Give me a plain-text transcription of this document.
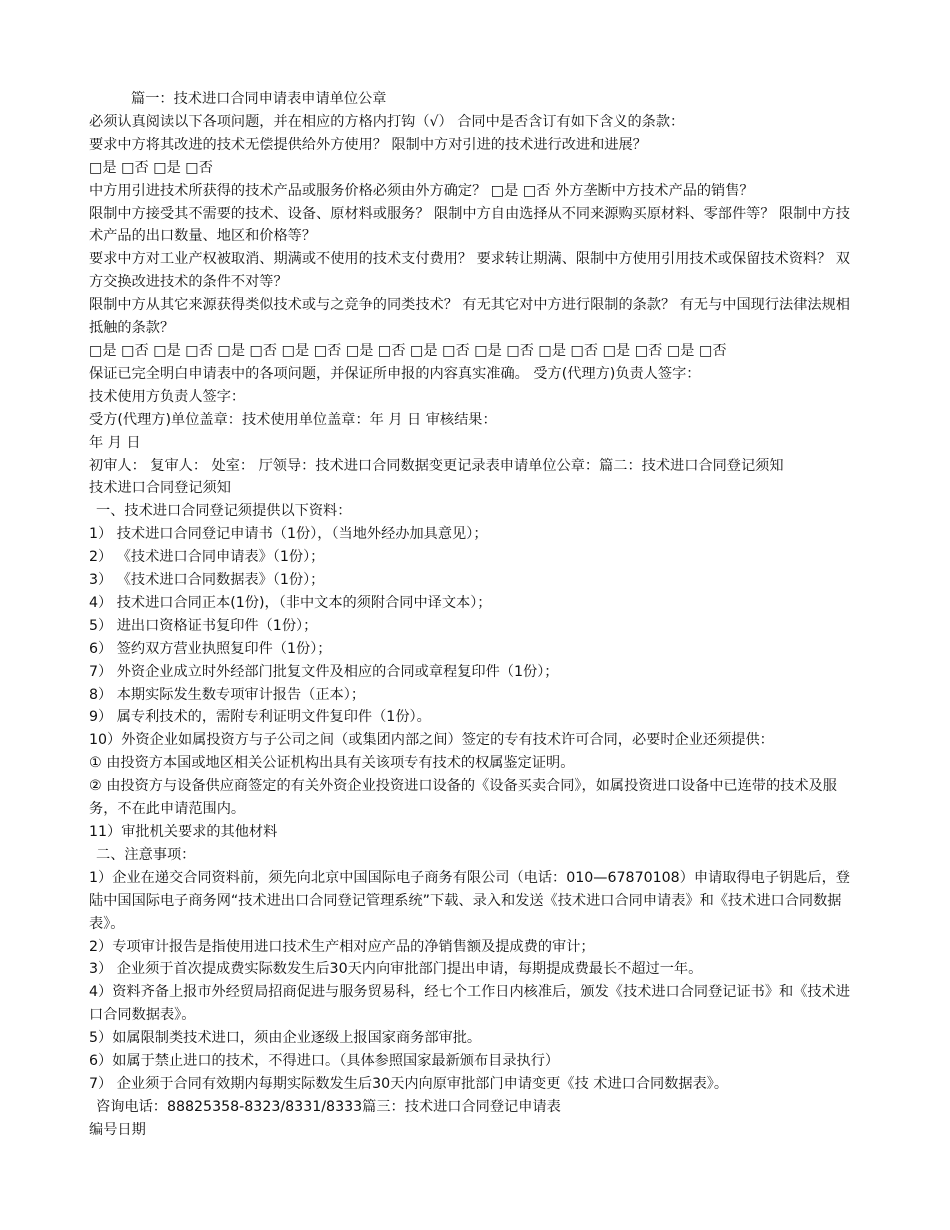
篇一：技术进口合同申请表申请单位公章

必须认真阅读以下各项问题，并在相应的方格内打钩（√） 合同中是否含订有如下含义的条款：

要求中方将其改进的技术无偿提供给外方使用？ 限制中方对引进的技术进行改进和进展？

□是 □否 □是 □否

中方用引进技术所获得的技术产品或服务价格必须由外方确定？ □是 □否 外方垄断中方技术产品的销售？

限制中方接受其不需要的技术、设备、原材料或服务？ 限制中方自由选择从不同来源购买原材料、零部件等？ 限制中方技术产品的出口数量、地区和价格等？

要求中方对工业产权被取消、期满或不使用的技术支付费用？ 要求转让期满、限制中方使用引用技术或保留技术资料？ 双方交换改进技术的条件不对等？

限制中方从其它来源获得类似技术或与之竞争的同类技术？ 有无其它对中方进行限制的条款？ 有无与中国现行法律法规相抵触的条款？

□是 □否 □是 □否 □是 □否 □是 □否 □是 □否 □是 □否 □是 □否 □是 □否 □是 □否 □是 □否

保证已完全明白申请表中的各项问题，并保证所申报的内容真实准确。 受方(代理方)负责人签字：

技术使用方负责人签字：

受方(代理方)单位盖章：技术使用单位盖章：年 月 日 审核结果：

年 月 日

初审人： 复审人： 处室： 厅领导：技术进口合同数据变更记录表申请单位公章：篇二：技术进口合同登记须知

技术进口合同登记须知

一、技术进口合同登记须提供以下资料：

1） 技术进口合同登记申请书（1份），（当地外经办加具意见）；

2） 《技术进口合同申请表》（1份）；

3） 《技术进口合同数据表》（1份）；

4） 技术进口合同正本(1份)，（非中文本的须附合同中译文本）；

5） 进出口资格证书复印件（1份）；

6） 签约双方营业执照复印件（1份）；

7） 外资企业成立时外经部门批复文件及相应的合同或章程复印件（1份）；

8） 本期实际发生数专项审计报告（正本）；

9） 属专利技术的，需附专利证明文件复印件（1份）。

10）外资企业如属投资方与子公司之间（或集团内部之间）签定的专有技术许可合同，必要时企业还须提供：

① 由投资方本国或地区相关公证机构出具有关该项专有技术的权属鉴定证明。

② 由投资方与设备供应商签定的有关外资企业投资进口设备的《设备买卖合同》，如属投资进口设备中已连带的技术及服务，不在此申请范围内。

11）审批机关要求的其他材料

二、注意事项：

1）企业在递交合同资料前，须先向北京中国国际电子商务有限公司（电话：010—67870108）申请取得电子钥匙后，登陆中国国际电子商务网“技术进出口合同登记管理系统”下载、录入和发送《技术进口合同申请表》和《技术进口合同数据表》。

2）专项审计报告是指使用进口技术生产相对应产品的净销售额及提成费的审计；

3） 企业须于首次提成费实际数发生后30天内向审批部门提出申请，每期提成费最长不超过一年。

4）资料齐备上报市外经贸局招商促进与服务贸易科，经七个工作日内核准后，颁发《技术进口合同登记证书》和《技术进口合同数据表》。

5）如属限制类技术进口，须由企业逐级上报国家商务部审批。

6）如属于禁止进口的技术，不得进口。（具体参照国家最新颁布目录执行）

7） 企业须于合同有效期内每期实际数发生后30天内向原审批部门申请变更《技 术进口合同数据表》。

咨询电话：88825358-8323/8331/8333篇三：技术进口合同登记申请表

编号日期
